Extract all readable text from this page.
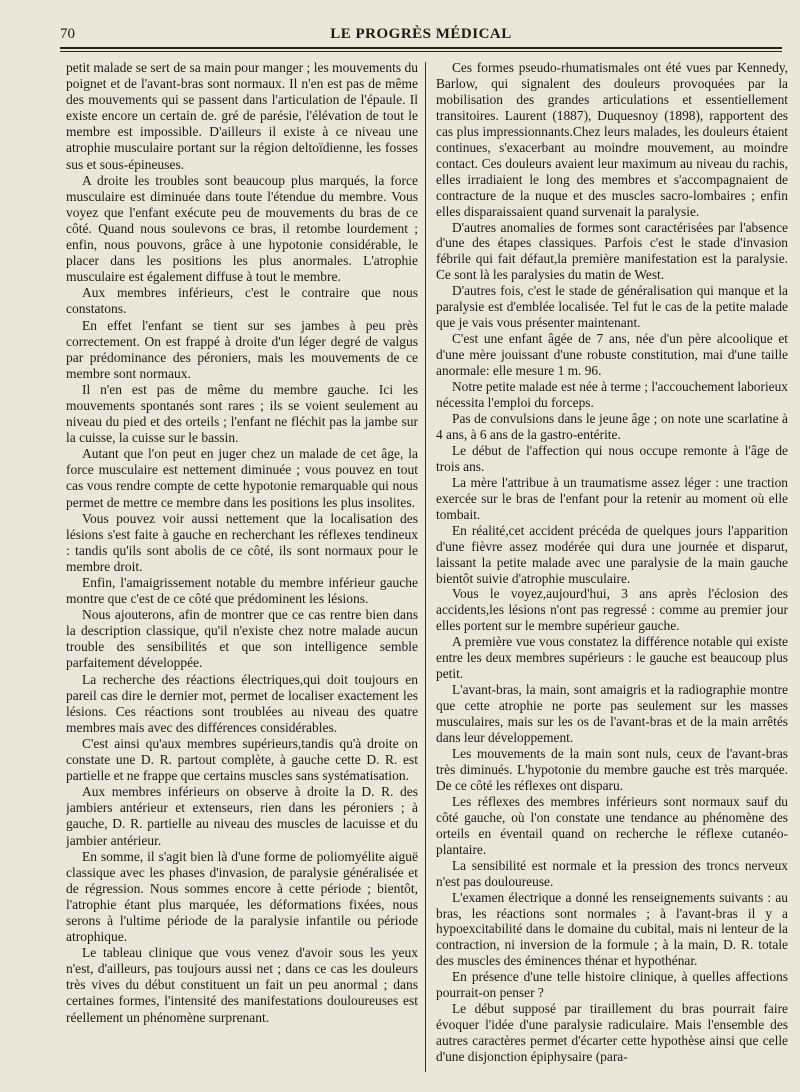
70	LE PROGRÈS MÉDICAL

petit malade se sert de sa main pour manger ; les mouvements du poignet et de l'avant-bras sont normaux. Il n'en est pas de même des mouvements qui se passent dans l'articulation de l'épaule. Il existe encore un certain de. gré de parésie, l'élévation de tout le membre est impossible. D'ailleurs il existe à ce niveau une atrophie musculaire portant sur la région deltoïdienne, les fosses sus et sous-épineuses.

A droite les troubles sont beaucoup plus marqués, la force musculaire est diminuée dans toute l'étendue du membre. Vous voyez que l'enfant exécute peu de mouvements du bras de ce côté. Quand nous soulevons ce bras, il retombe lourdement ; enfin, nous pouvons, grâce à une hypotonie considérable, le placer dans les positions les plus anormales. L'atrophie musculaire est également diffuse à tout le membre.

Aux membres inférieurs, c'est le contraire que nous constatons.

En effet l'enfant se tient sur ses jambes à peu près correctement. On est frappé à droite d'un léger degré de valgus par prédominance des péroniers, mais les mouvements de ce membre sont normaux.

Il n'en est pas de même du membre gauche. Ici les mouvements spontanés sont rares ; ils se voient seulement au niveau du pied et des orteils ; l'enfant ne fléchit pas la jambe sur la cuisse, la cuisse sur le bassin.

Autant que l'on peut en juger chez un malade de cet âge, la force musculaire est nettement diminuée ; vous pouvez en tout cas vous rendre compte de cette hypotonie remarquable qui nous permet de mettre ce membre dans les positions les plus insolites.

Vous pouvez voir aussi nettement que la localisation des lésions s'est faite à gauche en recherchant les réflexes tendineux : tandis qu'ils sont abolis de ce côté, ils sont normaux pour le membre droit.

Enfin, l'amaigrissement notable du membre inférieur gauche montre que c'est de ce côté que prédominent les lésions.

Nous ajouterons, afin de montrer que ce cas rentre bien dans la description classique, qu'il n'existe chez notre malade aucun trouble des sensibilités et que son intelligence semble parfaitement développée.

La recherche des réactions électriques,qui doit toujours en pareil cas dire le dernier mot, permet de localiser exactement les lésions. Ces réactions sont troublées au niveau des quatre membres mais avec des différences considérables.

C'est ainsi qu'aux membres supérieurs,tandis qu'à droite on constate une D. R. partout complète, à gauche cette D. R. est partielle et ne frappe que certains muscles sans systématisation.

Aux membres inférieurs on observe à droite la D. R. des jambiers antérieur et extenseurs, rien dans les péroniers ; à gauche, D. R. partielle au niveau des muscles de lacuisse et du jambier antérieur.

En somme, il s'agit bien là d'une forme de poliomyélite aiguë classique avec les phases d'invasion, de paralysie généralisée et de régression. Nous sommes encore à cette période ; bientôt, l'atrophie étant plus marquée, les déformations fixées, nous serons à l'ultime période de la paralysie infantile ou période atrophique.

Le tableau clinique que vous venez d'avoir sous les yeux n'est, d'ailleurs, pas toujours aussi net ; dans ce cas les douleurs très vives du début constituent un fait un peu anormal ; dans certaines formes, l'intensité des manifestations douloureuses est réellement un phénomène surprenant.

Ces formes pseudo-rhumatismales ont été vues par Kennedy, Barlow, qui signalent des douleurs provoquées par la mobilisation des grandes articulations et essentiellement transitoires. Laurent (1887), Duquesnoy (1898), rapportent des cas plus impressionnants.Chez leurs malades, les douleurs étaient continues, s'exacerbant au moindre mouvement, au moindre contact. Ces douleurs avaient leur maximum au niveau du rachis, elles irradiaient le long des membres et s'accompagnaient de contracture de la nuque et des muscles sacro-lombaires ; enfin elles disparaissaient quand survenait la paralysie.

D'autres anomalies de formes sont caractérisées par l'absence d'une des étapes classiques. Parfois c'est le stade d'invasion fébrile qui fait défaut,la première manifestation est la paralysie. Ce sont là les paralysies du matin de West.

D'autres fois, c'est le stade de généralisation qui manque et la paralysie est d'emblée localisée. Tel fut le cas de la petite malade que je vais vous présenter maintenant.

C'est une enfant âgée de 7 ans, née d'un père alcoolique et d'une mère jouissant d'une robuste constitution, mai d'une taille anormale: elle mesure 1 m. 96.

Notre petite malade est née à terme ; l'accouchement laborieux nécessita l'emploi du forceps.

Pas de convulsions dans le jeune âge ; on note une scarlatine à 4 ans, à 6 ans de la gastro-entérite.

Le début de l'affection qui nous occupe remonte à l'âge de trois ans.

La mère l'attribue à un traumatisme assez léger : une traction exercée sur le bras de l'enfant pour la retenir au moment où elle tombait.

En réalité,cet accident précéda de quelques jours l'apparition d'une fièvre assez modérée qui dura une journée et disparut, laissant la petite malade avec une paralysie de la main gauche bientôt suivie d'atrophie musculaire.

Vous le voyez,aujourd'hui, 3 ans après l'éclosion des accidents,les lésions n'ont pas regressé : comme au premier jour elles portent sur le membre supérieur gauche.

A première vue vous constatez la différence notable qui existe entre les deux membres supérieurs : le gauche est beaucoup plus petit.

L'avant-bras, la main, sont amaigris et la radiographie montre que cette atrophie ne porte pas seulement sur les masses musculaires, mais sur les os de l'avant-bras et de la main arrêtés dans leur développement.

Les mouvements de la main sont nuls, ceux de l'avant-bras très diminués. L'hypotonie du membre gauche est très marquée. De ce côté les réflexes ont disparu.

Les réflexes des membres inférieurs sont normaux sauf du côté gauche, où l'on constate une tendance au phénomène des orteils en éventail quand on recherche le réflexe cutanéo-plantaire.

La sensibilité est normale et la pression des troncs nerveux n'est pas douloureuse.

L'examen électrique a donné les renseignements suivants : au bras, les réactions sont normales ; à l'avant-bras il y a hypoexcitabilité dans le domaine du cubital, mais ni lenteur de la contraction, ni inversion de la formule ; à la main, D. R. totale des muscles des éminences thénar et hypothénar.

En présence d'une telle histoire clinique, à quelles affections pourrait-on penser ?

Le début supposé par tiraillement du bras pourrait faire évoquer l'idée d'une paralysie radiculaire. Mais l'ensemble des autres caractères permet d'écarter cette hypothèse ainsi que celle d'une disjonction épiphysaire (para-
